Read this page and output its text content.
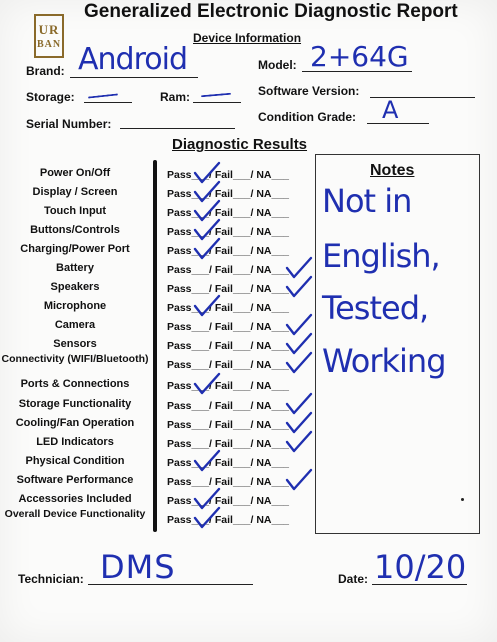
UR
BAN
Generalized Electronic Diagnostic Report
Device Information
Brand: Android	Model: 2+64G
Storage:	Ram:	Software Version:
Serial Number:	Condition Grade: A
Diagnostic Results
Power On/Off	Pass___/ Fail___/ NA___
Display / Screen	Pass___/ Fail___/ NA___
Touch Input	Pass___/ Fail___/ NA___
Buttons/Controls	Pass___/ Fail___/ NA___
Charging/Power Port	Pass___/ Fail___/ NA___
Battery	Pass___/ Fail___/ NA___
Speakers	Pass___/ Fail___/ NA___
Microphone	Pass___/ Fail___/ NA___
Camera	Pass___/ Fail___/ NA___
Sensors	Pass___/ Fail___/ NA___
Connectivity (WIFI/Bluetooth) Pass___/ Fail___/ NA___
Ports & Connections	Pass___/ Fail___/ NA___
Storage Functionality	Pass___/ Fail___/ NA___
Cooling/Fan Operation	Pass___/ Fail___/ NA___
LED Indicators	Pass___/ Fail___/ NA___
Physical Condition	Pass___/ Fail___/ NA___
Software Performance	Pass___/ Fail___/ NA___
Accessories Included	Pass___/ Fail___/ NA___
Overall Device Functionality	Pass___/ Fail___/ NA___
Notes
Not in
English,
Tested,
Working
Technician: DMS	Date: 10/20
